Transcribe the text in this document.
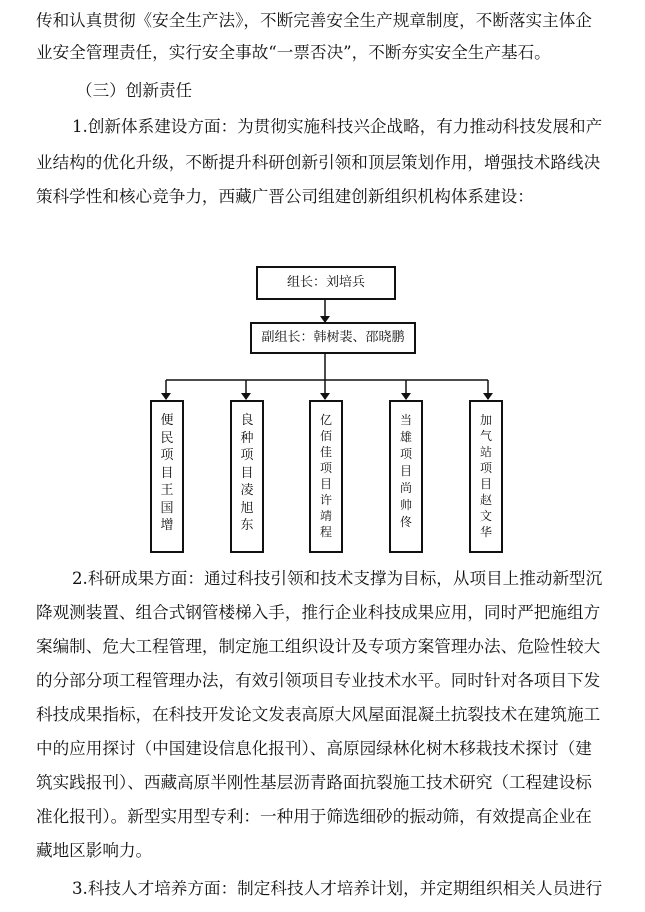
传和认真贯彻《安全生产法》，不断完善安全生产规章制度，不断落实主体企
业安全管理责任，实行安全事故“一票否决”，不断夯实安全生产基石。
（三）创新责任
1.创新体系建设方面：为贯彻实施科技兴企战略，有力推动科技发展和产
业结构的优化升级，不断提升科研创新引领和顶层策划作用，增强技术路线决
策科学性和核心竞争力，西藏广晋公司组建创新组织机构体系建设：
组长：刘培兵
副组长：韩树裴、邵晓鹏
便民项目王国增
良种项目凌旭东
亿佰佳项目许靖程
当雄项目尚帅佟
加气站项目赵文华
2.科研成果方面：通过科技引领和技术支撑为目标，从项目上推动新型沉
降观测装置、组合式钢管楼梯入手，推行企业科技成果应用，同时严把施组方
案编制、危大工程管理，制定施工组织设计及专项方案管理办法、危险性较大
的分部分项工程管理办法，有效引领项目专业技术水平。同时针对各项目下发
科技成果指标，在科技开发论文发表高原大风屋面混凝土抗裂技术在建筑施工
中的应用探讨（中国建设信息化报刊）、高原园绿林化树木移栽技术探讨（建
筑实践报刊）、西藏高原半刚性基层沥青路面抗裂施工技术研究（工程建设标
准化报刊）。新型实用型专利：一种用于筛选细砂的振动筛，有效提高企业在
藏地区影响力。
3.科技人才培养方面：制定科技人才培养计划，并定期组织相关人员进行
